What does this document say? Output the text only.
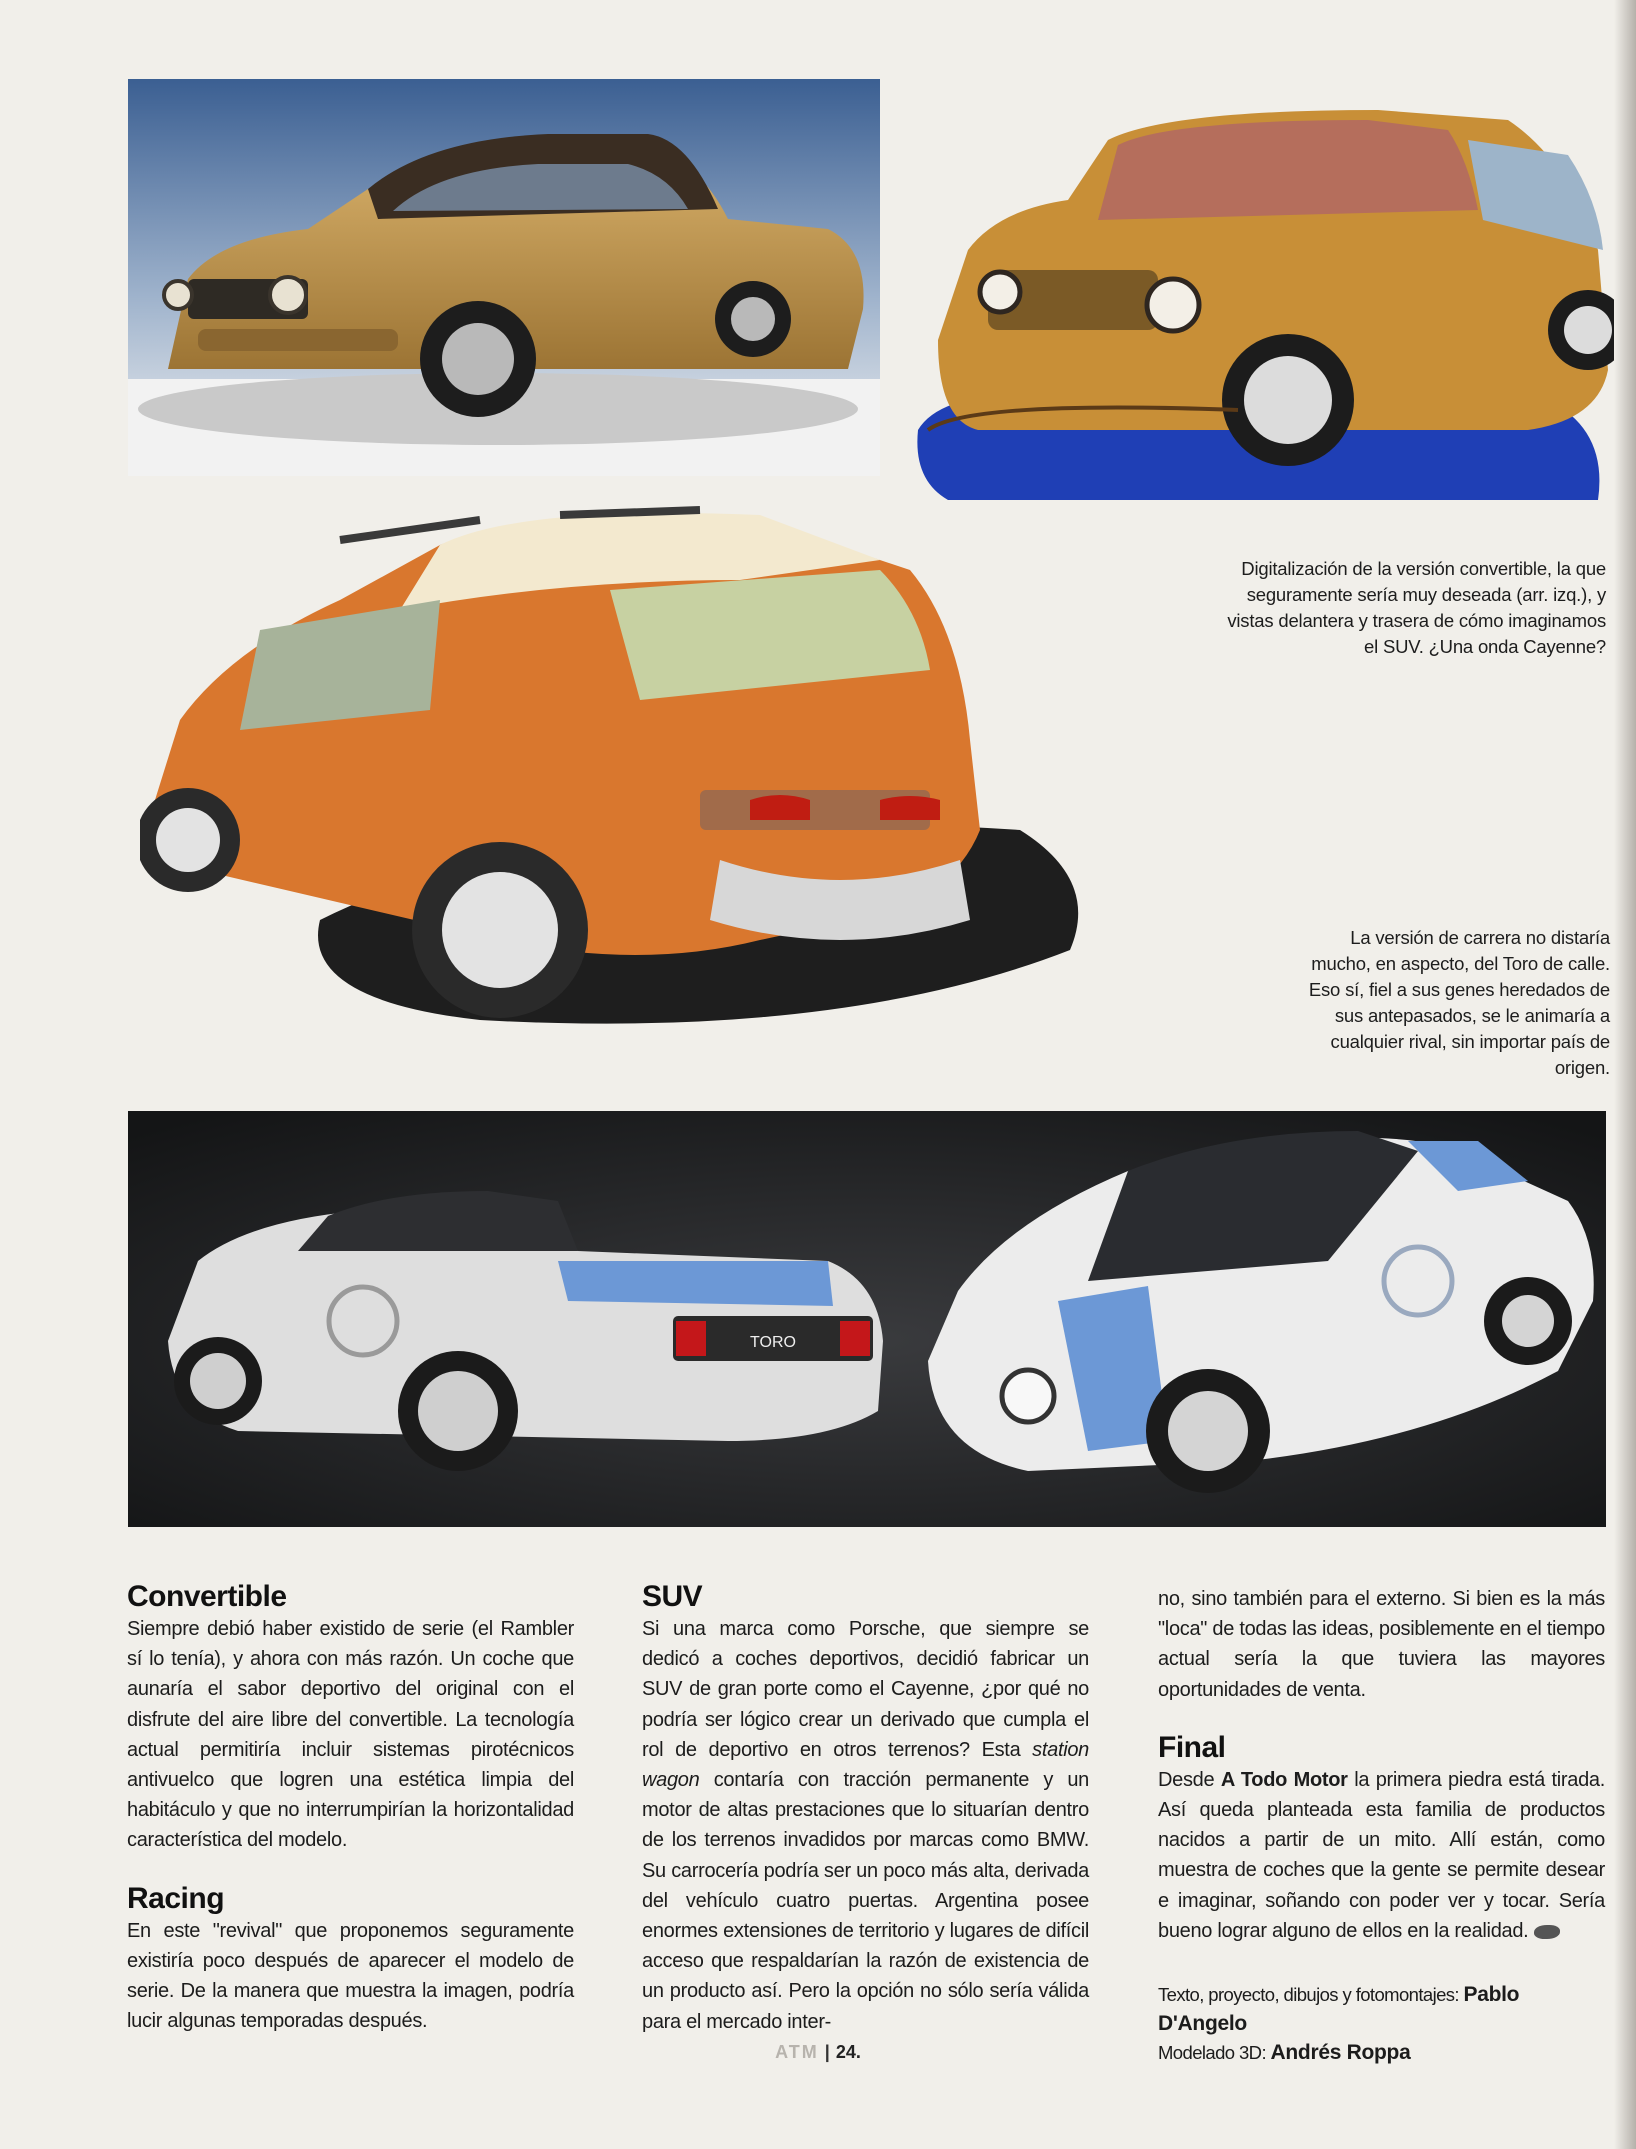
Digitalización de la versión convertible, la que seguramente sería muy deseada (arr. izq.), y vistas delantera y trasera de cómo imaginamos el SUV. ¿Una onda Cayenne?
La versión de carrera no distaría mucho, en aspecto, del Toro de calle. Eso sí, fiel a sus genes heredados de sus antepasados, se le animaría a cualquier rival, sin importar país de origen.
TORO
Convertible

Siempre debió haber existido de serie (el Rambler sí lo tenía), y ahora con más razón. Un coche que aunaría el sabor deportivo del original con el disfrute del aire libre del convertible. La tecnología actual permitiría incluir sistemas pirotécnicos antivuelco que logren una estética limpia del habitáculo y que no interrumpirían la horizontalidad característica del modelo.

Racing

En este "revival" que proponemos seguramente existiría poco después de aparecer el modelo de serie. De la manera que muestra la imagen, podría lucir algunas temporadas después.

SUV

Si una marca como Porsche, que siempre se dedicó a coches deportivos, decidió fabricar un SUV de gran porte como el Cayenne, ¿por qué no podría ser lógico crear un derivado que cumpla el rol de deportivo en otros terrenos? Esta station wagon contaría con tracción permanente y un motor de altas prestaciones que lo situarían dentro de los terrenos invadidos por marcas como BMW. Su carrocería podría ser un poco más alta, derivada del vehículo cuatro puertas. Argentina posee enormes extensiones de territorio y lugares de difícil acceso que respaldarían la razón de existencia de un producto así. Pero la opción no sólo sería válida para el mercado inter-

no, sino también para el externo. Si bien es la más "loca" de todas las ideas, posiblemente en el tiempo actual sería la que tuviera las mayores oportunidades de venta.

Final

Desde A Todo Motor la primera piedra está tirada. Así queda planteada esta familia de productos nacidos a partir de un mito. Allí están, como muestra de coches que la gente se permite desear e imaginar, soñando con poder ver y tocar. Sería bueno lograr alguno de ellos en la realidad.

Texto, proyecto, dibujos y fotomontajes: Pablo D'Angelo
Modelado 3D: Andrés Roppa
ATM | 24.
